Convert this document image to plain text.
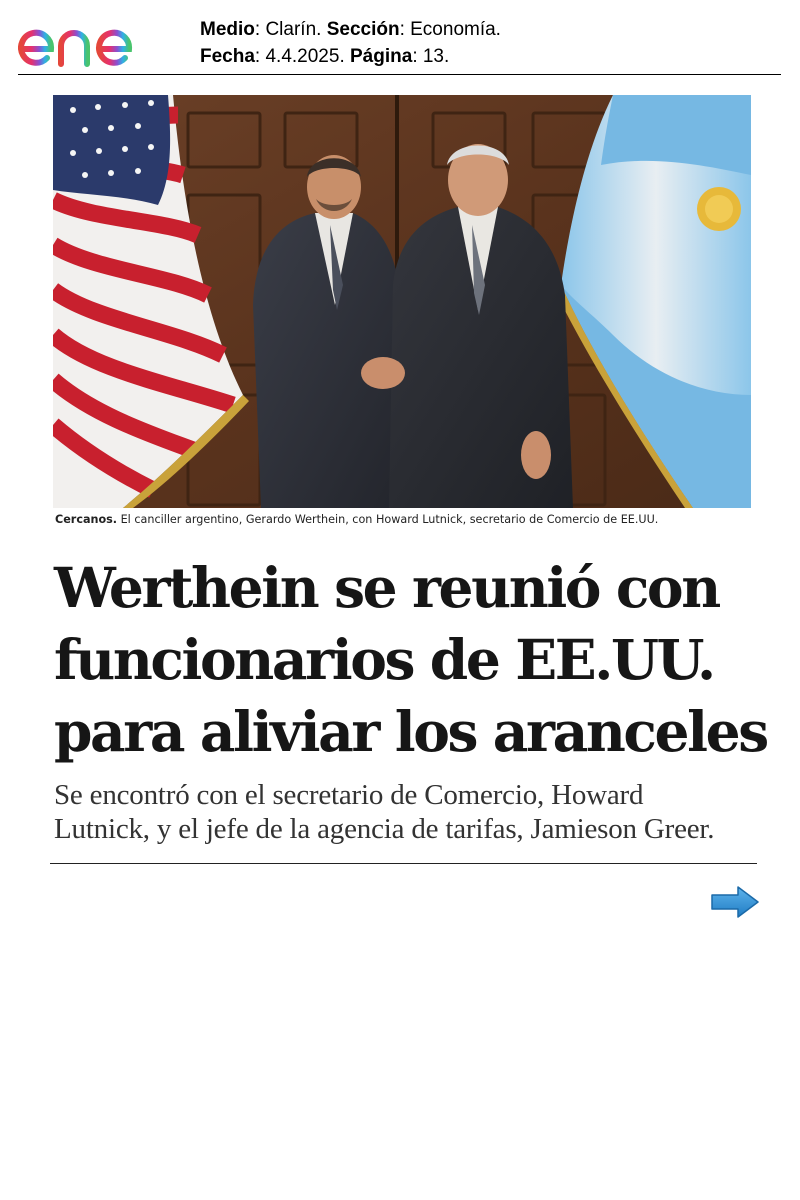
Medio: Clarín. Sección: Economía.
Fecha: 4.4.2025. Página: 13.
Cercanos. El canciller argentino, Gerardo Werthein, con Howard Lutnick, secretario de Comercio de EE.UU.
Werthein se reunió con
funcionarios de EE.UU.
para aliviar los aranceles

Se encontró con el secretario de Comercio, Howard
Lutnick, y el jefe de la agencia de tarifas, Jamieson Greer.
